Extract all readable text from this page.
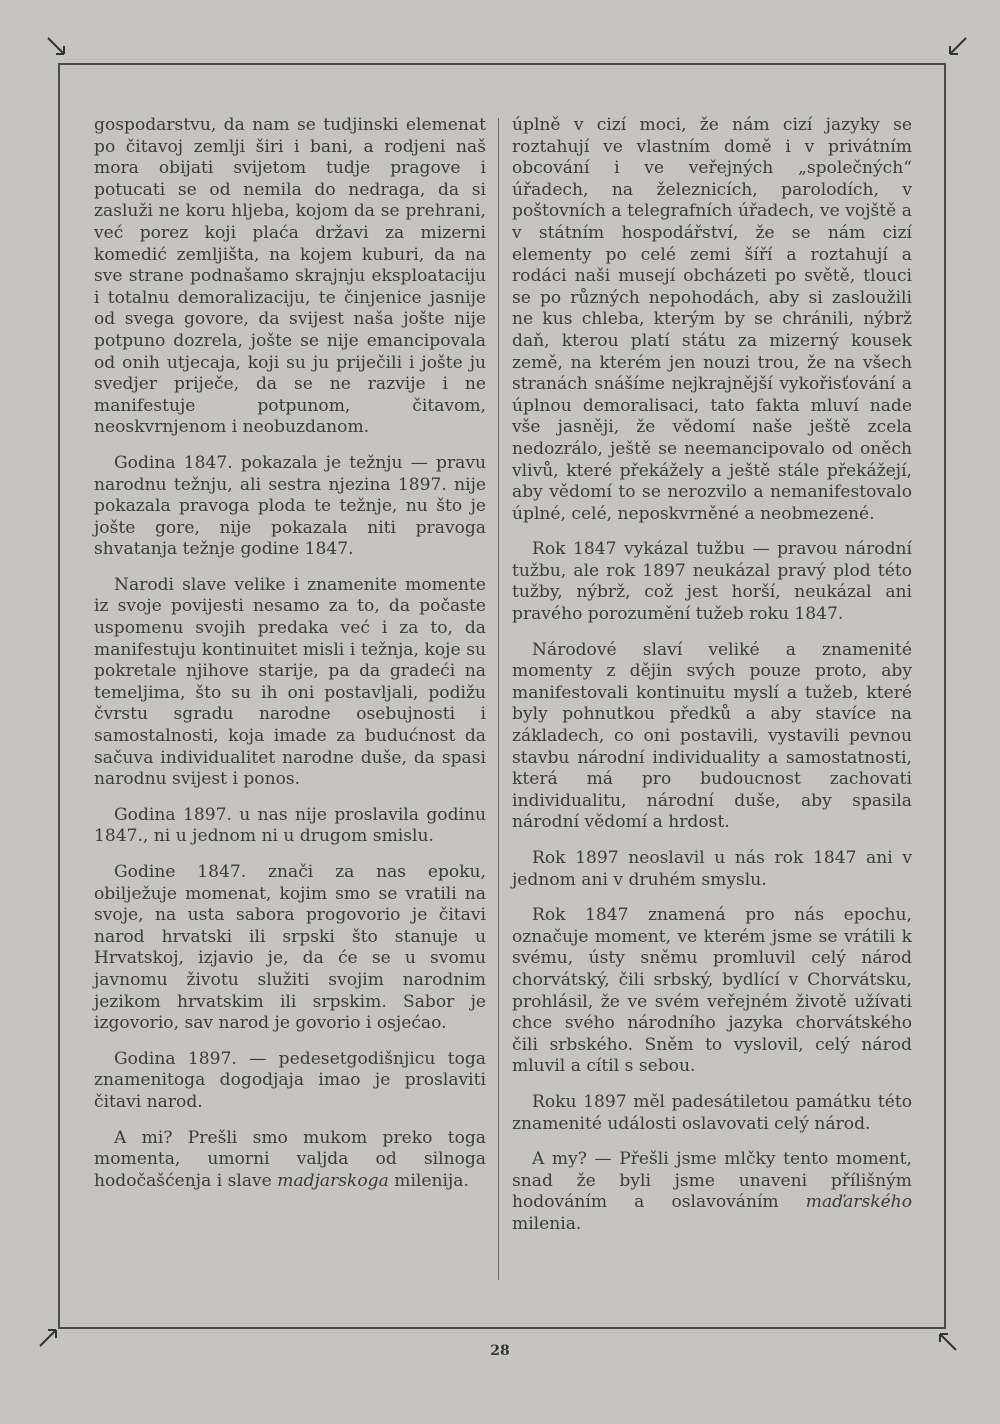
gospodarstvu, da nam se tudjinski elemenat po čitavoj zemlji širi i bani, a rodjeni naš mora obijati svijetom tudje pragove i potucati se od nemila do nedraga, da si zasluži ne koru hljeba, kojom da se prehrani, već porez koji plaća državi za mizerni komedić zemljišta, na kojem kuburi, da na sve strane podnašamo skrajnju eksploataciju i totalnu demoralizaciju, te činjenice jasnije od svega govore, da svijest naša jošte nije potpuno dozrela, jošte se nije emancipovala od onih utjecaja, koji su ju priječili i jošte ju svedjer priječe, da se ne razvije i ne manifestuje potpunom, čitavom, neoskvrnjenom i neobuzdanom.

Godina 1847. pokazala je težnju — pravu narodnu težnju, ali sestra njezina 1897. nije pokazala pravoga ploda te težnje, nu što je jošte gore, nije pokazala niti pravoga shvatanja težnje godine 1847.

Narodi slave velike i znamenite momente iz svoje povijesti nesamo za to, da počaste uspomenu svojih predaka već i za to, da manifestuju kontinuitet misli i težnja, koje su pokretale njihove starije, pa da gradeći na temeljima, što su ih oni postavljali, podižu čvrstu sgradu narodne osebujnosti i samostalnosti, koja imade za budućnost da sačuva individualitet narodne duše, da spasi narodnu svijest i ponos.

Godina 1897. u nas nije proslavila godinu 1847., ni u jednom ni u drugom smislu.

Godine 1847. znači za nas epoku, obilježuje momenat, kojim smo se vratili na svoje, na usta sabora progovorio je čitavi narod hrvatski ili srpski što stanuje u Hrvatskoj, izjavio je, da će se u svomu javnomu životu služiti svojim narodnim jezikom hrvatskim ili srpskim. Sabor je izgovorio, sav narod je govorio i osjećao.

Godina 1897. — pedesetgodišnjicu toga znamenitoga dogodjaja imao je proslaviti čitavi narod.

A mi? Prešli smo mukom preko toga momenta, umorni valjda od silnoga hodočašćenja i slave madjarskoga milenija.

úplně v cizí moci, že nám cizí jazyky se roztahují ve vlastním domě i v privátním obcování i ve veřejných „společných“ úřadech, na železnicích, parolodích, v poštovních a telegrafních úřadech, ve vojště a v státním hospodářství, že se nám cizí elementy po celé zemi šíří a roztahují a rodáci naši musejí obcházeti po světě, tlouci se po různých nepohodách, aby si zasloužili ne kus chleba, kterým by se chránili, nýbrž daň, kterou platí státu za mizerný kousek země, na kterém jen nouzi trou, že na všech stranách snášíme nejkrajnější vykořisťování a úplnou demoralisaci, tato fakta mluví nade vše jasněji, že vědomí naše ještě zcela nedozrálo, ještě se neemancipovalo od oněch vlivů, které překážely a ještě stále překážejí, aby vědomí to se nerozvilo a nemanifestovalo úplné, celé, neposkvrněné a neobmezené.

Rok 1847 vykázal tužbu — pravou národní tužbu, ale rok 1897 neukázal pravý plod této tužby, nýbrž, což jest horší, neukázal ani pravého porozumění tužeb roku 1847.

Národové slaví veliké a znamenité momenty z dějin svých pouze proto, aby manifestovali kontinuitu myslí a tužeb, které byly pohnutkou předků a aby stavíce na základech, co oni postavili, vystavili pevnou stavbu národní individuality a samostatnosti, která má pro budoucnost zachovati individualitu, národní duše, aby spasila národní vědomí a hrdost.

Rok 1897 neoslavil u nás rok 1847 ani v jednom ani v druhém smyslu.

Rok 1847 znamená pro nás epochu, označuje moment, ve kterém jsme se vrátili k svému, ústy sněmu promluvil celý národ chorvátský, čili srbský, bydlící v Chorvátsku, prohlásil, že ve svém veřejném životě užívati chce svého národního jazyka chorvátského čili srbského. Sněm to vyslovil, celý národ mluvil a cítil s sebou.

Roku 1897 měl padesátiletou památku této znamenité události oslavovati celý národ.

A my? — Přešli jsme mlčky tento moment, snad že byli jsme unaveni přílišným hodováním a oslavováním maďarského milenia.

28
